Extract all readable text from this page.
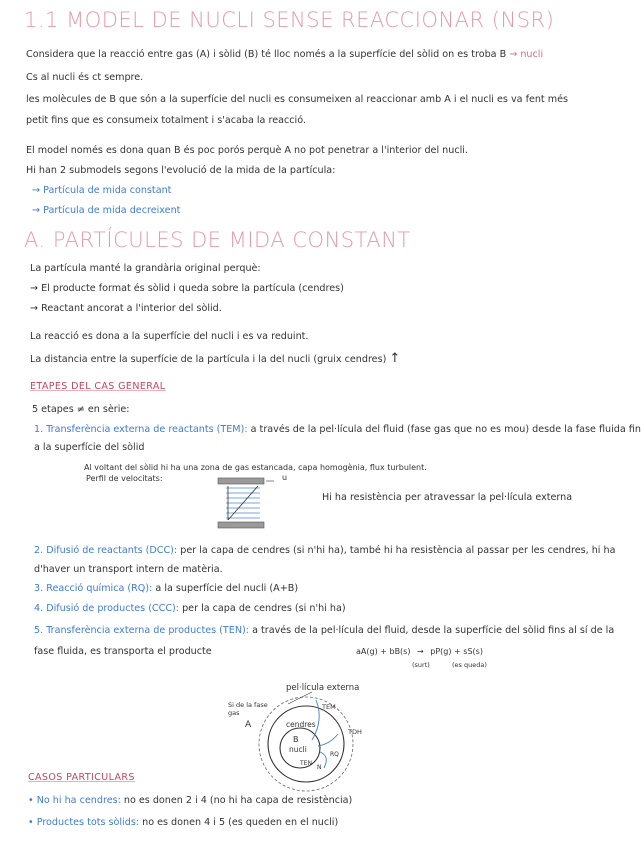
1.1 MODEL DE NUCLI SENSE REACCIONAR (NSR)
Considera que la reacció entre gas (A) i sòlid (B) té lloc només a la superfície del sòlid on es troba B → nucli
Cs al nucli és ct sempre.
les molècules de B que són a la superfície del nucli es consumeixen al reaccionar amb A i el nucli es va fent més
petit fins que es consumeix totalment i s'acaba la reacció.
El model només es dona quan B és poc porós perquè A no pot penetrar a l'interior del nucli.
Hi han 2 submodels segons l'evolució de la mida de la partícula:
→ Partícula de mida constant
→ Partícula de mida decreixent
A. PARTÍCULES DE MIDA CONSTANT
La partícula manté la grandària original perquè:
→ El producte format és sòlid i queda sobre la partícula (cendres)
→ Reactant ancorat a l'interior del sòlid.
La reacció es dona a la superfície del nucli i es va reduint.
La distancia entre la superfície de la partícula i la del nucli (gruix cendres) ↑
ETAPES DEL CAS GENERAL
5 etapes ≠ en sèrie:
1. Transferència externa de reactants (TEM): a través de la pel·lícula del fluid (fase gas que no es mou) desde la fase fluida fin
a la superfície del sòlid
Al voltant del sòlid hi ha una zona de gas estancada, capa homogènia, flux turbulent.
Perfil de velocitats:	u
Hi ha resistència per atravessar la pel·lícula externa
2. Difusió de reactants (DCC): per la capa de cendres (si n'hi ha), també hi ha resistència al passar per les cendres, hi ha
d'haver un transport intern de matèria.
3. Reacció química (RQ): a la superfície del nucli (A+B)
4. Difusió de productes (CCC): per la capa de cendres (si n'hi ha)
5. Transferència externa de productes (TEN): a través de la pel·lícula del fluid, desde la superfície del sòlid fins al sí de la
fase fluida, es transporta el producte	aA(g) + bB(s) → pP(g) + sS(s)
(surt)	(es queda)
pel·lícula externa
Si de la fase
gas
A	cendres
B
nucli
TEM
TDH
RQ
N
TEN
CASOS PARTICULARS
• No hi ha cendres: no es donen 2 i 4 (no hi ha capa de resistència)
• Productes tots sòlids: no es donen 4 i 5 (es queden en el nucli)
